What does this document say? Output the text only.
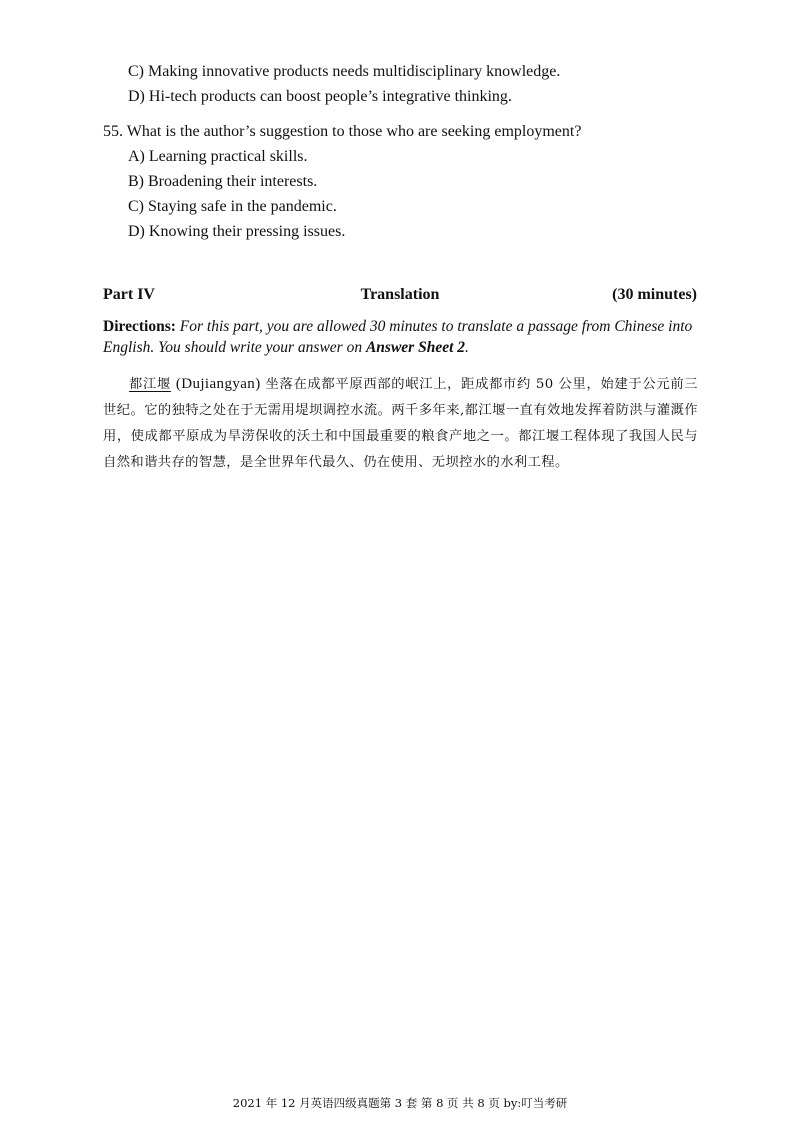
C) Making innovative products needs multidisciplinary knowledge.
D) Hi-tech products can boost people’s integrative thinking.
55. What is the author’s suggestion to those who are seeking employment?
A) Learning practical skills.
B) Broadening their interests.
C) Staying safe in the pandemic.
D) Knowing their pressing issues.
Part IV	Translation	(30 minutes)
Directions: For this part, you are allowed 30 minutes to translate a passage from Chinese into English. You should write your answer on Answer Sheet 2.
都江堰 (Dujiangyan) 坐落在成都平原西部的岷江上，距成都市约 50 公里，始建于公元前三世纪。它的独特之处在于无需用堤坝调控水流。两千多年来,都江堰一直有效地发挥着防洪与灌溉作用，使成都平原成为旱涝保收的沃土和中国最重要的粮食产地之一。都江堰工程体现了我国人民与自然和谐共存的智慧，是全世界年代最久、仍在使用、无坝控水的水利工程。
2021 年 12 月英语四级真题第 3 套 第 8 页 共 8 页 by:叮当考研
